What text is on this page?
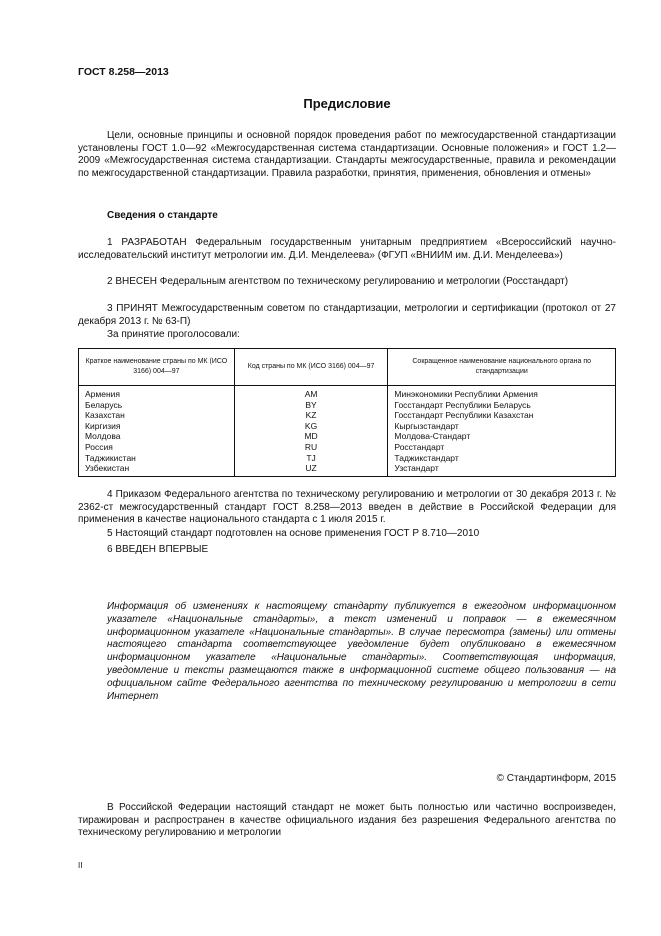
ГОСТ 8.258—2013
Предисловие
Цели, основные принципы и основной порядок проведения работ по межгосударственной стандартизации установлены ГОСТ 1.0—92 «Межгосударственная система стандартизации. Основные положения» и ГОСТ 1.2—2009 «Межгосударственная система стандартизации. Стандарты межгосударственные, правила и рекомендации по межгосударственной стандартизации. Правила разработки, принятия, применения, обновления и отмены»
Сведения о стандарте
1 РАЗРАБОТАН Федеральным государственным унитарным предприятием «Всероссийский научно-исследовательский институт метрологии им. Д.И. Менделеева» (ФГУП «ВНИИМ им. Д.И. Менделеева»)
2 ВНЕСЕН Федеральным агентством по техническому регулированию и метрологии (Росстандарт)
3 ПРИНЯТ Межгосударственным советом по стандартизации, метрологии и сертификации (протокол от 27 декабря 2013 г. № 63-П)
За принятие проголосовали:
Краткое наименование страны по МК (ИСО 3166) 004—97	Код страны по МК (ИСО 3166) 004—97	Сокращенное наименование национального органа по стандартизации
Армения	AM	Минэкономики Республики Армения
Беларусь	BY	Госстандарт Республики Беларусь
Казахстан	KZ	Госстандарт Республики Казахстан
Киргизия	KG	Кыргызстандарт
Молдова	MD	Молдова-Стандарт
Россия	RU	Росстандарт
Таджикистан	TJ	Таджикстандарт
Узбекистан	UZ	Узстандарт
4 Приказом Федерального агентства по техническому регулированию и метрологии от 30 декабря 2013 г. № 2362-ст межгосударственный стандарт ГОСТ 8.258—2013 введен в действие в Российской Федерации для применения в качестве национального стандарта с 1 июля 2015 г.
5 Настоящий стандарт подготовлен на основе применения ГОСТ Р 8.710—2010
6 ВВЕДЕН ВПЕРВЫЕ
Информация об изменениях к настоящему стандарту публикуется в ежегодном информационном указателе «Национальные стандарты», а текст изменений и поправок — в ежемесячном информационном указателе «Национальные стандарты». В случае пересмотра (замены) или отмены настоящего стандарта соответствующее уведомление будет опубликовано в ежемесячном информационном указателе «Национальные стандарты». Соответствующая информация, уведомление и тексты размещаются также в информационной системе общего пользования — на официальном сайте Федерального агентства по техническому регулированию и метрологии в сети Интернет
© Стандартинформ, 2015
В Российской Федерации настоящий стандарт не может быть полностью или частично воспроизведен, тиражирован и распространен в качестве официального издания без разрешения Федерального агентства по техническому регулированию и метрологии
II
